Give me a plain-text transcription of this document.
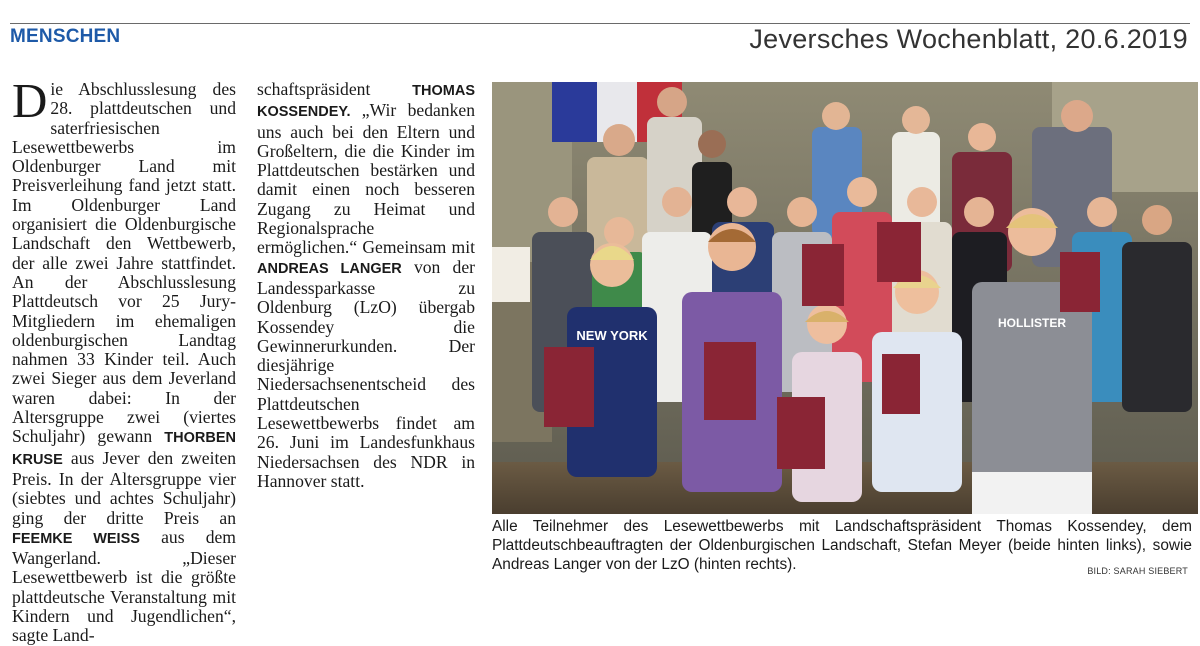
MENSCHEN	Jeversches Wochenblatt, 20.6.2019
Die Abschlusslesung des 28. plattdeutschen und saterfriesischen Lesewettbewerbs im Oldenburger Land mit Preisverleihung fand jetzt statt. Im Oldenburger Land organisiert die Oldenburgische Landschaft den Wettbewerb, der alle zwei Jahre stattfindet. An der Abschlusslesung Plattdeutsch vor 25 Jury-Mitgliedern im ehemaligen oldenburgischen Landtag nahmen 33 Kinder teil. Auch zwei Sieger aus dem Jeverland waren dabei: In der Altersgruppe zwei (viertes Schuljahr) gewann THORBEN KRUSE aus Jever den zweiten Preis. In der Altersgruppe vier (siebtes und achtes Schuljahr) ging der dritte Preis an FEEMKE WEISS aus dem Wangerland. „Dieser Lesewettbewerb ist die größte plattdeutsche Veranstaltung mit Kindern und Jugendlichen“, sagte Land-
schaftspräsident THOMAS KOSSENDEY. „Wir bedanken uns auch bei den Eltern und Großeltern, die die Kinder im Plattdeutschen bestärken und damit einen noch besseren Zugang zu Heimat und Regionalsprache ermöglichen.“ Gemeinsam mit ANDREAS LANGER von der Landessparkasse zu Oldenburg (LzO) übergab Kossendey die Gewinnerurkunden. Der diesjährige Niedersachsenentscheid des Plattdeutschen Lesewettbewerbs findet am 26. Juni im Landesfunkhaus Niedersachsen des NDR in Hannover statt.
NEW YORK
HOLLISTER
Alle Teilnehmer des Lesewettbewerbs mit Landschaftspräsident Thomas Kossendey, dem Plattdeutschbeauftragten der Oldenburgischen Landschaft, Stefan Meyer (beide hinten links), sowie Andreas Langer von der LzO (hinten rechts).	BILD: SARAH SIEBERT
